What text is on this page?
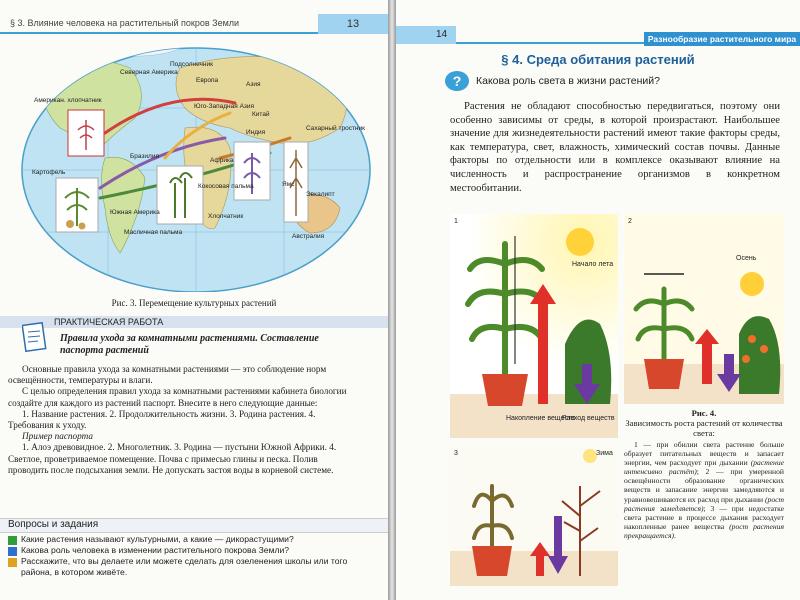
§ 3. Влияние человека на растительный покров Земли	13
Северная Америка
Европа
Азия
Китай
Юго-Западная Азия
Подсолнечник
Американ. хлопчатник
Картофель
Бразилия
Южная Америка
Африка
Индия
Масличная пальма
Кокосовая пальма
Хлопчатник
Сахарный тростник
Ямс
Эвкалипт
Австралия
Рис. 3. Перемещение культурных растений
ПРАКТИЧЕСКАЯ РАБОТА
Правила ухода за комнатными растениями. Составление паспорта растений
Основные правила ухода за комнатными растениями — это соблюдение норм освещённости, температуры и влаги.
С целью определения правил ухода за комнатными растениями кабинета биологии создайте для каждого из растений паспорт. Внесите в него следующие данные:
1. Название растения. 2. Продолжительность жизни. 3. Родина растения. 4. Требования к уходу.
Пример паспорта
1. Алоэ древовидное. 2. Многолетник. 3. Родина — пустыни Южной Африки. 4. Светлое, проветриваемое помещение. Почва с примесью глины и песка. Полив проводить после подсыхания земли. Не допускать застоя воды в корневой системе.
Вопросы и задания
Какие растения называют культурными, а какие — дикорастущими?
Какова роль человека в изменении растительного покрова Земли?
Расскажите, что вы делаете или можете сделать для озеленения школы или того района, в котором живёте.
14	Разнообразие растительного мира
§ 4. Среда обитания растений
? Какова роль света в жизни растений?
Растения не обладают способностью передвигаться, поэтому они особенно зависимы от среды, в которой произрастают. Наибольшее значение для жизнедеятельности растений имеют такие факторы среды, как температура, свет, влажность, химический состав почвы. Данные факторы по отдельности или в комплексе оказывают влияние на численность и распространение организмов в конкретном местообитании.
1
Начало лета
Накопление веществ
Расход веществ
2
Осень
Рис. 4.
Зависимость роста растений от количества света:
1 — при обилии света растение больше образует питательных веществ и запасает энергии, чем расходует при дыхании (растение интенсивно растёт); 2 — при умеренной освещённости образование органических веществ и запасание энергии замедляются и уравновешиваются их расход при дыхании (рост растения замедляется); 3 — при недостатке света растение в процессе дыхания расходует накопленные ранее вещества (рост растения прекращается).
3	Зима
